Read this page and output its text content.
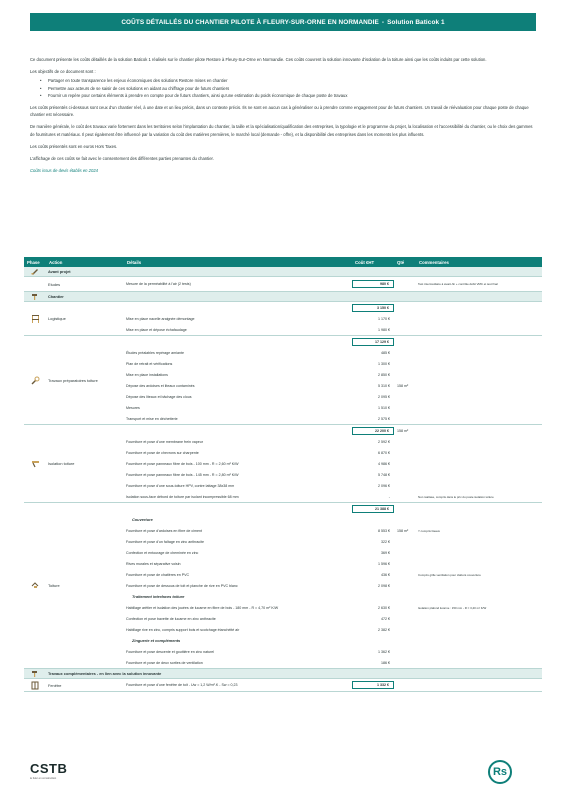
COÛTS DÉTAILLÉS DU CHANTIER PILOTE À FLEURY-SUR-ORNE EN NORMANDIE - Solution Baticok 1

Ce document présente les coûts détaillés de la solution Baticok 1 réalisés sur le chantier pilote Restore à Fleury-Sur-Orne en Normandie. Ces coûts couvrent la solution innovante d'isolation de la toiture ainsi que les coûts induits par cette solution.

Les objectifs de ce document sont :

• Partager en toute transparence les enjeux économiques des solutions Restore mises en chantier
• Permettre aux acteurs de se saisir de ces solutions en aidant au chiffrage pour de futurs chantiers
• Fournir un repère pour certains éléments à prendre en compte pour de futurs chantiers, ainsi qu'une estimation du poids économique de chaque poste de travaux

Les coûts présentés ci-dessous sont ceux d'un chantier réel, à une date et un lieu précis, dans un contexte précis. Ils ne sont en aucun cas à généraliser ou à prendre comme engagement pour de futurs chantiers. Un travail de réévaluation pour chaque poste de chaque chantier est nécessaire.

De manière générale, le coût des travaux varie fortement dans les territoires selon l'implantation du chantier, la taille et la spécialisation/qualification des entreprises, la typologie et le programme du projet, la localisation et l'accessibilité du chantier, ou le choix des gammes de fournitures et matériaux. Il peut également être influencé par la variation du coût des matières premières, le marché local (demande - offre), et la disponibilité des entreprises dans les moments les plus influents.

Les coûts présentés sont en euros Hors Taxes.

L'affichage de ces coûts se fait avec le consentement des différentes parties prenantes du chantier.

Coûts issus de devis établis en 2024

Phase	Action	Détails	Coût €HT	Qté	Commentaires
Avant projet
Etudes	Mesure de la perméabilité à l'air (2 tests)	980 €	Test intermédiaire à avant-fin + contrôle débit VMC et test final
Chantier
Logistique
3 150 €
Mise en place nacelle araignée démontage	1 170 €
Mise en place et dépose échafaudage	1 980 €
Travaux préparatoires toiture
17 129 €
Études préalables repérage amiante	485 €
Plan de retrait et vérifications	1 300 €
Mise en place installations	2 850 €
Dépose des ardoises et liteaux contaminés	5 310 €	158 m²
Dépose des liteaux et bâchage des clous	2 095 €
Mesures	1 510 €
Transport et mise en déchetterie	2 575 €
Isolation toiture
22 200 €	158 m²
Fourniture et pose d'une membrane frein vapeur	2 592 €
Fourniture et pose de chevrons sur charpente	6 870 €
Fourniture et pose panneaux fibre de bois - 100 mm - R = 2,60 m² K/W	4 986 €
Fourniture et pose panneaux fibre de bois - 145 mm - R = 2,80 m² K/W	5 748 €
Fourniture et pose d'une sous-toiture HPV, contre lattage 38x38 mm	2 096 €
Isolation sous-face débord de toiture par isolant incompressible 68 mm	-	Non réalisée, compris dans le prix du poste isolation toiture
Toiture
21 388 €
Couverture
Fourniture et pose d'ardoises en fibre de ciment	8 553 €	158 m²	Y compris liteaux
Fourniture et pose d'un faîtage en zinc anthracite	322 €
Confection et entourage de cheminée en zinc	369 €
Rives murales et séparative voisin	1 596 €
Fourniture et pose de chatières en PVC	436 €	Compris grille ventilation pour claboré couverture
Fourniture et pose de dessous de toit et planche de rive en PVC blanc	2 098 €
Traitement interfaces toiture
Habillage arêtier et isolation des jouées de lucarne en fibre de bois - 180 mm - R = 4,70 m² K/W	2 630 €	Isolation plafond lucarne : 150 mm - R = 3,40 m² K/W
Confection et pose bavette de lucarne en zinc anthracite	472 €
Habillage rive en zinc, compris support bois et scotchage étanchéité air	2 382 €
Zinguerie et compléments
Fourniture et pose descente et gouttière en zinc naturel	1 362 €
Fourniture et pose de deux sorties de ventilation	186 €
Travaux complémentaires - en lien avec la solution innovante
Fenêtre	Fourniture et pose d'une fenêtre de toit - Uw = 1,2 W/m².K - Sw = 0,23	1 332 €
CSTB
le futur en construction
Rs
